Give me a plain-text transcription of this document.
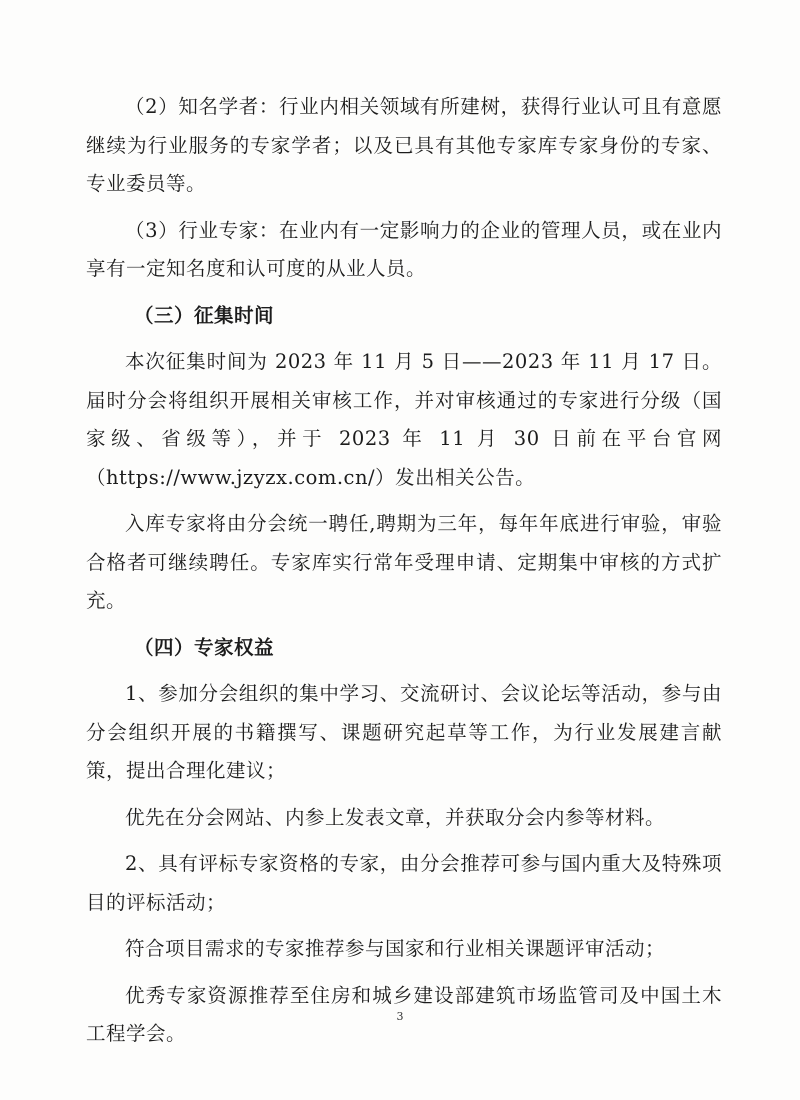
（2）知名学者：行业内相关领域有所建树，获得行业认可且有意愿继续为行业服务的专家学者；以及已具有其他专家库专家身份的专家、专业委员等。

（3）行业专家：在业内有一定影响力的企业的管理人员，或在业内享有一定知名度和认可度的从业人员。

（三）征集时间

本次征集时间为 2023 年 11 月 5 日——2023 年 11 月 17 日。届时分会将组织开展相关审核工作，并对审核通过的专家进行分级（国家级、省级等），并于 2023 年 11 月 30 日前在平台官网（https://www.jzyzx.com.cn/）发出相关公告。

入库专家将由分会统一聘任,聘期为三年，每年年底进行审验，审验合格者可继续聘任。专家库实行常年受理申请、定期集中审核的方式扩充。

（四）专家权益

1、参加分会组织的集中学习、交流研讨、会议论坛等活动，参与由分会组织开展的书籍撰写、课题研究起草等工作，为行业发展建言献策，提出合理化建议；

优先在分会网站、内参上发表文章，并获取分会内参等材料。

2、具有评标专家资格的专家，由分会推荐可参与国内重大及特殊项目的评标活动；

符合项目需求的专家推荐参与国家和行业相关课题评审活动；

优秀专家资源推荐至住房和城乡建设部建筑市场监管司及中国土木工程学会。

3
